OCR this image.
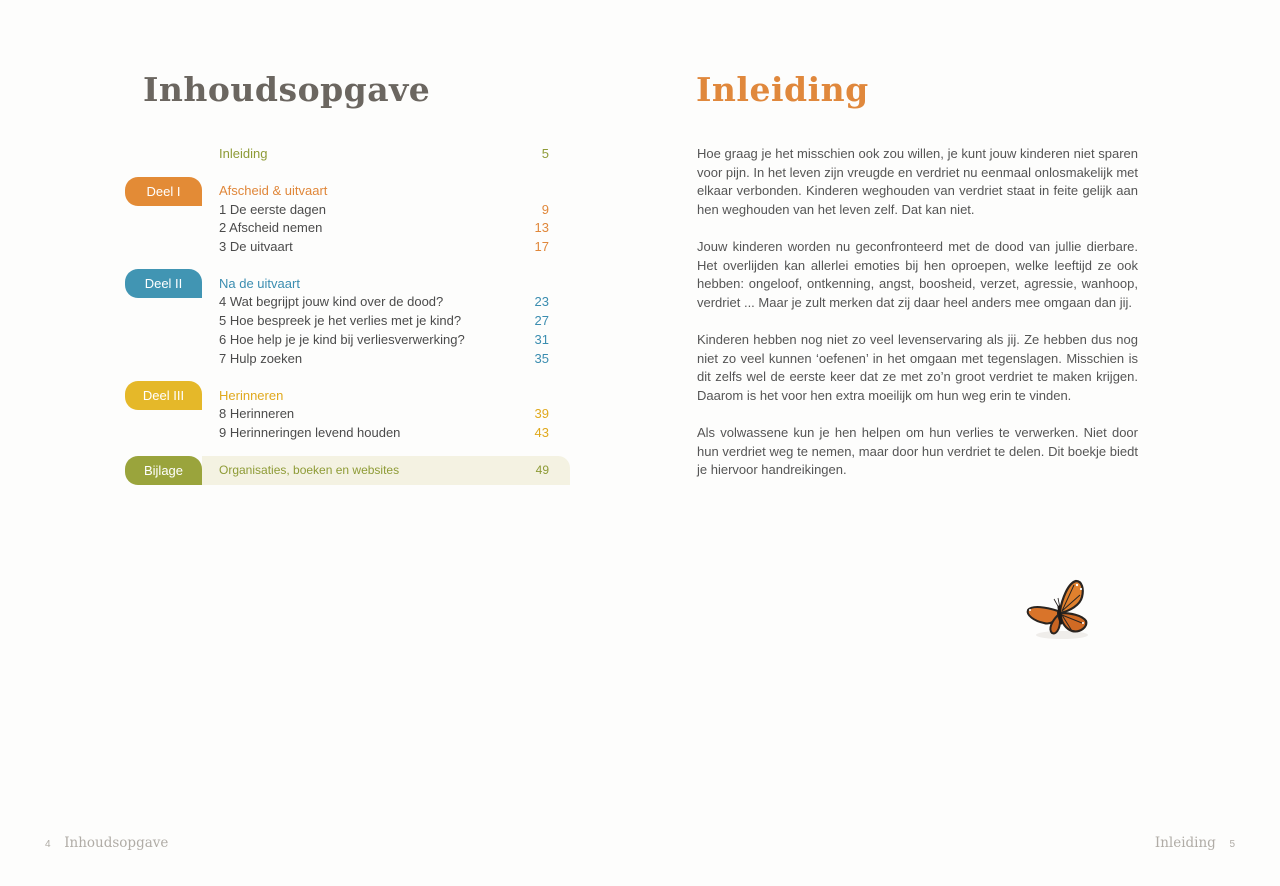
Inhoudsopgave
Inleiding	5
Deel I	Afscheid & uitvaart
1 De eerste dagen	9
2 Afscheid nemen	13
3 De uitvaart	17
Deel II	Na de uitvaart
4 Wat begrijpt jouw kind over de dood?	23
5 Hoe bespreek je het verlies met je kind?	27
6 Hoe help je je kind bij verliesverwerking?	31
7 Hulp zoeken	35
Deel III	Herinneren
8 Herinneren	39
9 Herinneringen levend houden	43
Bijlage	Organisaties, boeken en websites	49
4 Inhoudsopgave
Inleiding

Hoe graag je het misschien ook zou willen, je kunt jouw kinderen niet sparen voor pijn. In het leven zijn vreugde en verdriet nu eenmaal onlosmakelijk met elkaar verbonden. Kinderen weghouden van verdriet staat in feite gelijk aan hen weghouden van het leven zelf. Dat kan niet.

Jouw kinderen worden nu geconfronteerd met de dood van jullie dierbare. Het overlijden kan allerlei emoties bij hen oproepen, welke leeftijd ze ook hebben: ongeloof, ontkenning, angst, boosheid, verzet, agressie, wanhoop, verdriet ... Maar je zult merken dat zij daar heel anders mee omgaan dan jij.

Kinderen hebben nog niet zo veel levenservaring als jij. Ze hebben dus nog niet zo veel kunnen ‘oefenen’ in het omgaan met tegenslagen. Misschien is dit zelfs wel de eerste keer dat ze met zo’n groot verdriet te maken krijgen. Daarom is het voor hen extra moeilijk om hun weg erin te vinden.

Als volwassene kun je hen helpen om hun verlies te verwerken. Niet door hun verdriet weg te nemen, maar door hun verdriet te delen. Dit boekje biedt je hiervoor handreikingen.

Inleiding 5
